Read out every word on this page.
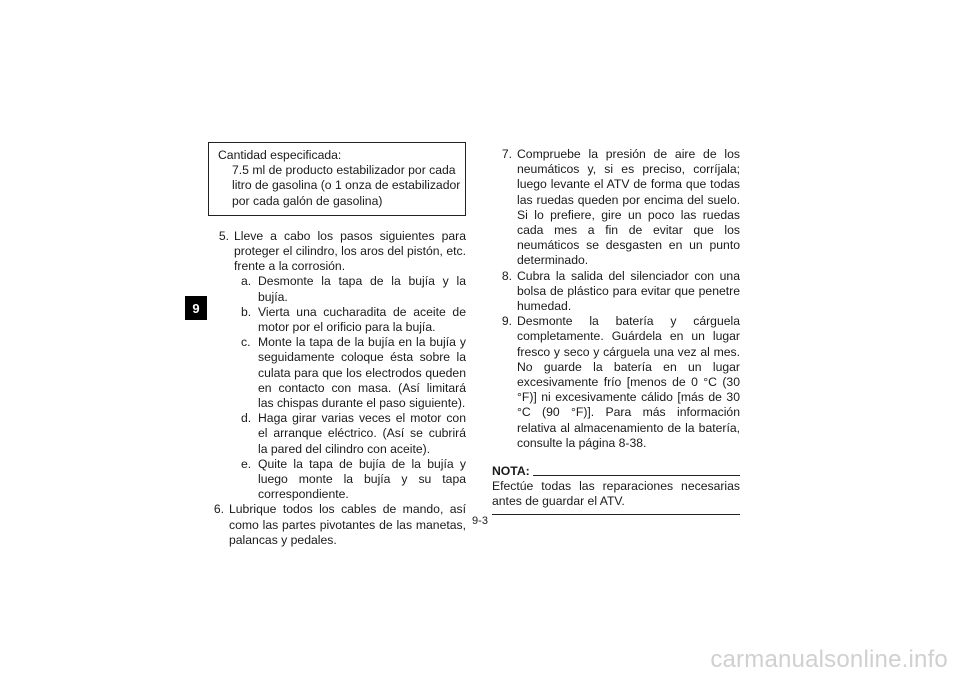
9
Cantidad especificada:
7.5 ml de producto estabilizador por cada litro de gasolina (o 1 onza de estabilizador por cada galón de gasolina)
5. Lleve a cabo los pasos siguientes para proteger el cilindro, los aros del pistón, etc. frente a la corrosión.
a. Desmonte la tapa de la bujía y la bujía.
b. Vierta una cucharadita de aceite de motor por el orificio para la bujía.
c. Monte la tapa de la bujía en la bujía y seguidamente coloque ésta sobre la culata para que los electrodos queden en contacto con masa. (Así limitará las chispas durante el paso siguiente).
d. Haga girar varias veces el motor con el arranque eléctrico. (Así se cubrirá la pared del cilindro con aceite).
e. Quite la tapa de bujía de la bujía y luego monte la bujía y su tapa correspondiente.
6. Lubrique todos los cables de mando, así como las partes pivotantes de las manetas, palancas y pedales.
7. Compruebe la presión de aire de los neumáticos y, si es preciso, corríjala; luego levante el ATV de forma que todas las ruedas queden por encima del suelo. Si lo prefiere, gire un poco las ruedas cada mes a fin de evitar que los neumáticos se desgasten en un punto determinado.
8. Cubra la salida del silenciador con una bolsa de plástico para evitar que penetre humedad.
9. Desmonte la batería y cárguela completamente. Guárdela en un lugar fresco y seco y cárguela una vez al mes. No guarde la batería en un lugar excesivamente frío [menos de 0 °C (30 °F)] ni excesivamente cálido [más de 30 °C (90 °F)]. Para más información relativa al almacenamiento de la batería, consulte la página 8-38.
NOTA:
Efectúe todas las reparaciones necesarias antes de guardar el ATV.
9-3
carmanualsonline.info
